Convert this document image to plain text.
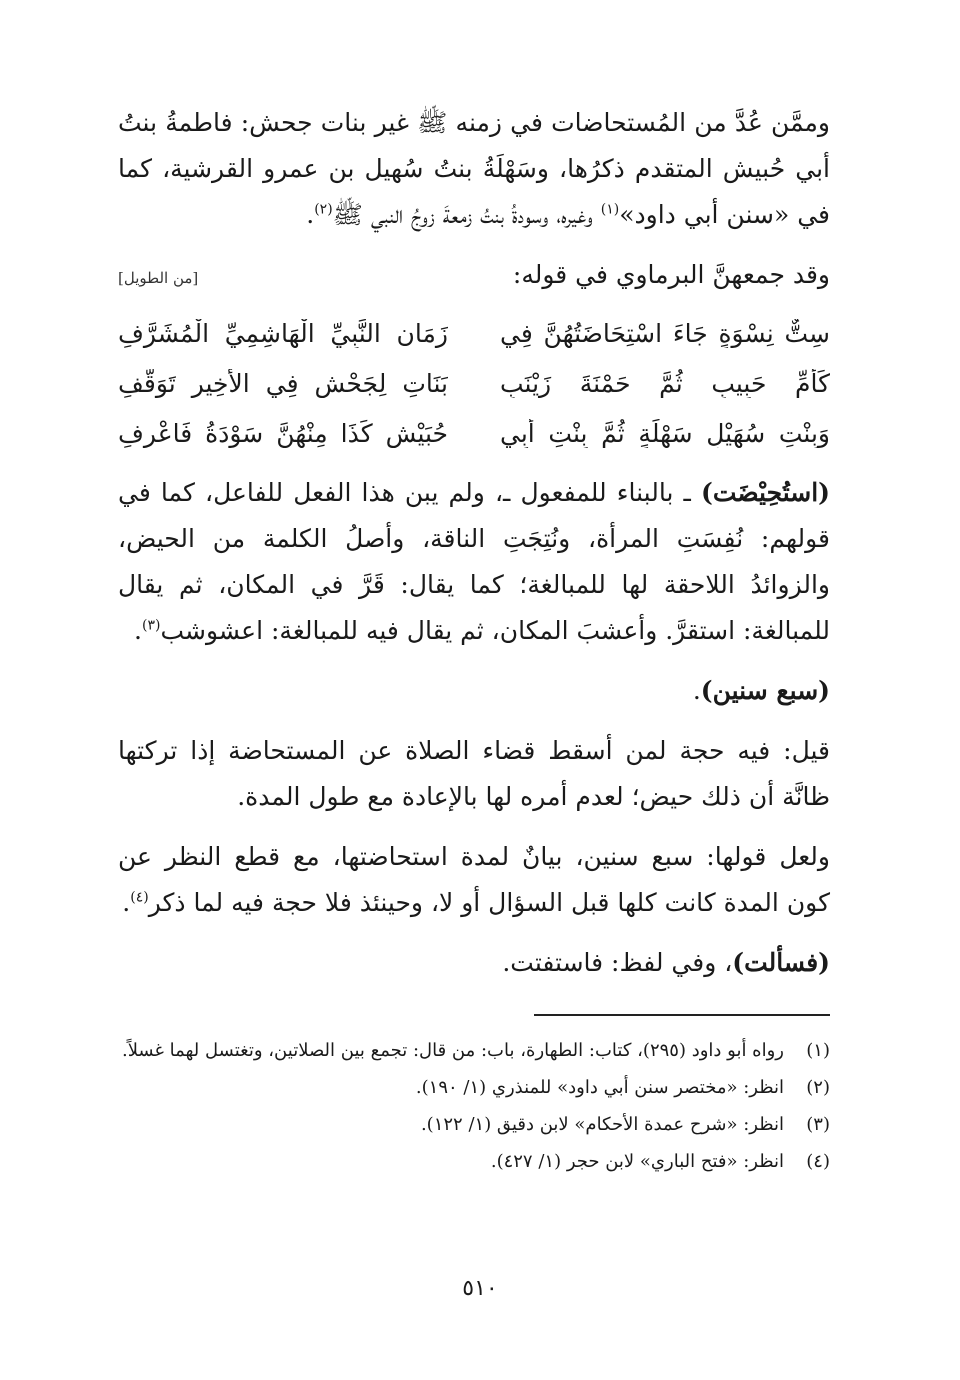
وممَّن عُدَّ من المُستحاضات في زمنه ﷺ غير بنات جحش: فاطمةُ بنتُ أبي حُبيش المتقدم ذكرُها، وسَهْلَةُ بنتُ سُهيل بن عمرو القرشية، كما في «سنن أبي داود»$^{(١)}$ وغيره، وسودةُ بنتُ زمعةَ زوجُ النبي ﷺ$^{(٢)}$.

وقد جمعهنَّ البرماوي في قوله:
[من الطويل]
سِتٌّ نِسْوَةٍ جَاءَ اسْتِحَاضَتُهُنَّ فِي
زَمَانِ النَّبِيِّ الْهَاشِمِيِّ الْمُشَرَّفِ
كَأُمِّ حَبِيبٍ ثُمَّ حَمْنَةَ زَيْنَبٍ
بَنَاتِ لِجَحْشٍ فِي الأَخِيرِ تَوَقُّفِ
وَبِنْتِ سُهَيْلٍ سَهْلَةٍ ثُمَّ بِنْتِ أَبِي
حُبَيْشٍ كَذَا مِنْهُنَّ سَوْدَةُ فَاعْرِفِ

(استُحِيْضَت) ـ بالبناء للمفعول ـ، ولم يبن هذا الفعل للفاعل، كما في قولهم: نُفِسَتِ المرأة، ونُتِجَتِ الناقة، وأصلُ الكلمة من الحيض، والزوائدُ اللاحقة لها للمبالغة؛ كما يقال: قَرَّ في المكان، ثم يقال للمبالغة: استقرَّ. وأعشبَ المكان، ثم يقال فيه للمبالغة: اعشوشب$^{(٣)}$.

(سبع سنين).

قيل: فيه حجة لمن أسقط قضاء الصلاة عن المستحاضة إذا تركتها ظانَّة أن ذلك حيض؛ لعدم أمره لها بالإعادة مع طول المدة.

ولعل قولها: سبع سنين، بيانٌ لمدة استحاضتها، مع قطع النظر عن كون المدة كانت كلها قبل السؤال أو لا، وحينئذ فلا حجة فيه لما ذكر$^{(٤)}$.

(فسألت)، وفي لفظ: فاستفتت.

(١)
رواه أبو داود (٢٩٥)، كتاب: الطهارة، باب: من قال: تجمع بين الصلاتين، وتغتسل لهما غسلاً.
(٢)
انظر: «مختصر سنن أبي داود» للمنذري (١/ ١٩٠).
(٣)
انظر: «شرح عمدة الأحكام» لابن دقيق (١/ ١٢٢).
(٤)
انظر: «فتح الباري» لابن حجر (١/ ٤٢٧).
٥١٠
